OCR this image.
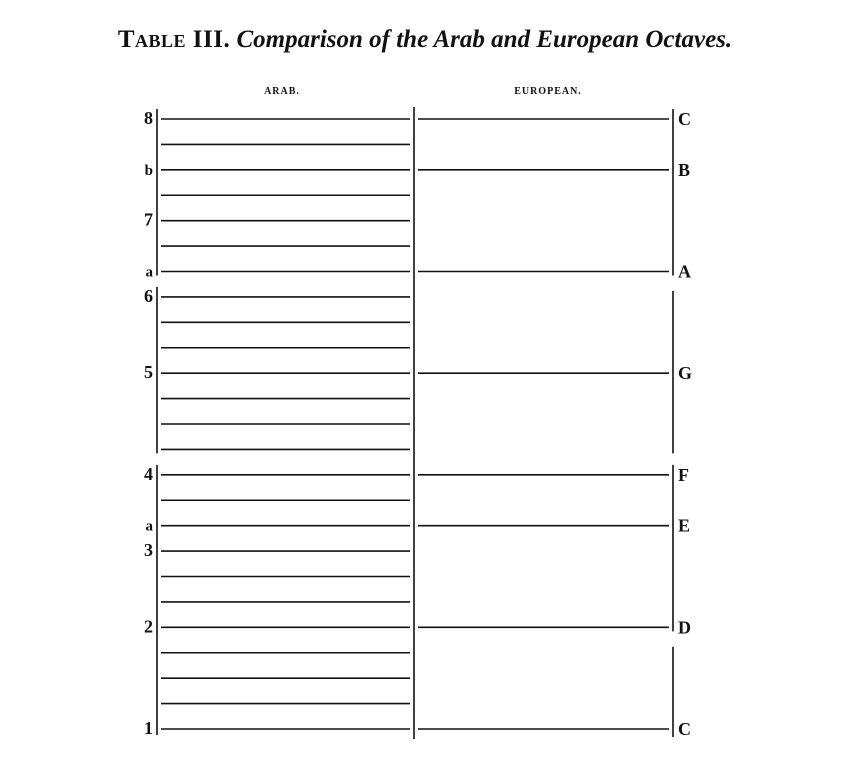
Table III. Comparison of the Arab and European Octaves.
ARAB.	EUROPEAN.
8
b
7
a
6
5
4
a
3
2
1
C
B
A
G
F
E
D
C
